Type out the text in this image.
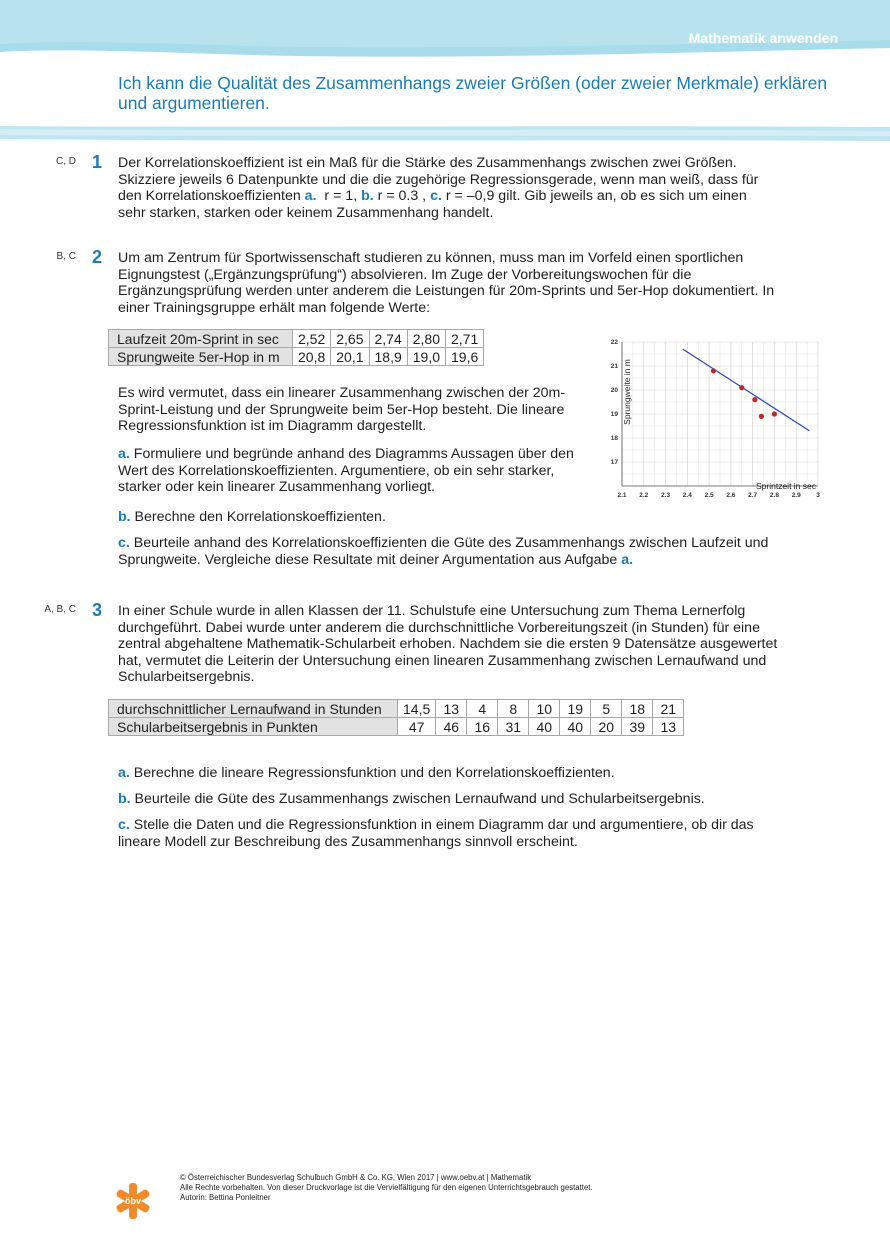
Mathematik anwenden
Ich kann die Qualität des Zusammenhangs zweier Größen (oder zweier Merkmale) erklären und argumentieren.
C, D 1 Der Korrelationskoeffizient ist ein Maß für die Stärke des Zusammenhangs zwischen zwei Größen. Skizziere jeweils 6 Datenpunkte und die die zugehörige Regressionsgerade, wenn man weiß, dass für den Korrelationskoeffizienten a. r = 1, b. r = 0.3 , c. r = –0,9 gilt. Gib jeweils an, ob es sich um einen sehr starken, starken oder keinem Zusammenhang handelt.
B, C 2 Um am Zentrum für Sportwissenschaft studieren zu können, muss man im Vorfeld einen sportlichen Eignungstest („Ergänzungsprüfung“) absolvieren. Im Zuge der Vorbereitungswochen für die Ergänzungsprüfung werden unter anderem die Leistungen für 20m-Sprints und 5er-Hop dokumentiert. In einer Trainingsgruppe erhält man folgende Werte:
Laufzeit 20m-Sprint in sec	2,52	2,65	2,74	2,80	2,71
Sprungweite 5er-Hop in m	20,8	20,1	18,9	19,0	19,6
Es wird vermutet, dass ein linearer Zusammenhang zwischen der 20m-Sprint-Leistung und der Sprungweite beim 5er-Hop besteht. Die lineare Regressionsfunktion ist im Diagramm dargestellt.
a. Formuliere und begründe anhand des Diagramms Aussagen über den Wert des Korrelationskoeffizienten. Argumentiere, ob ein sehr starker, starker oder kein linearer Zusammenhang vorliegt.
b. Berechne den Korrelationskoeffizienten.
c. Beurteile anhand des Korrelationskoeffizienten die Güte des Zusammenhangs zwischen Laufzeit und Sprungweite. Vergleiche diese Resultate mit deiner Argumentation aus Aufgabe a.
2.1 2.2 2.3 2.4 2.5 2.6 2.7 2.8 2.9 3
17
18
19
20
21
22
Sprintzeit in sec
Sprungweite in m
A, B, C 3 In einer Schule wurde in allen Klassen der 11. Schulstufe eine Untersuchung zum Thema Lernerfolg durchgeführt. Dabei wurde unter anderem die durchschnittliche Vorbereitungszeit (in Stunden) für eine zentral abgehaltene Mathematik-Schularbeit erhoben. Nachdem sie die ersten 9 Datensätze ausgewertet hat, vermutet die Leiterin der Untersuchung einen linearen Zusammenhang zwischen Lernaufwand und Schularbeitsergebnis.
durchschnittlicher Lernaufwand in Stunden	14,5	13	4	8	10	19	5	18	21
Schularbeitsergebnis in Punkten	47	46	16	31	40	40	20	39	13
a. Berechne die lineare Regressionsfunktion und den Korrelationskoeffizienten.
b. Beurteile die Güte des Zusammenhangs zwischen Lernaufwand und Schularbeitsergebnis.
c. Stelle die Daten und die Regressionsfunktion in einem Diagramm dar und argumentiere, ob dir das lineare Modell zur Beschreibung des Zusammenhangs sinnvoll erscheint.
öbv
© Österreichischer Bundesverlag Schulbuch GmbH & Co. KG, Wien 2017 | www.oebv.at | Mathematik
Alle Rechte vorbehalten. Von dieser Druckvorlage ist die Vervielfältigung für den eigenen Unterrichtsgebrauch gestattet.
Autorin: Bettina Ponleitner
